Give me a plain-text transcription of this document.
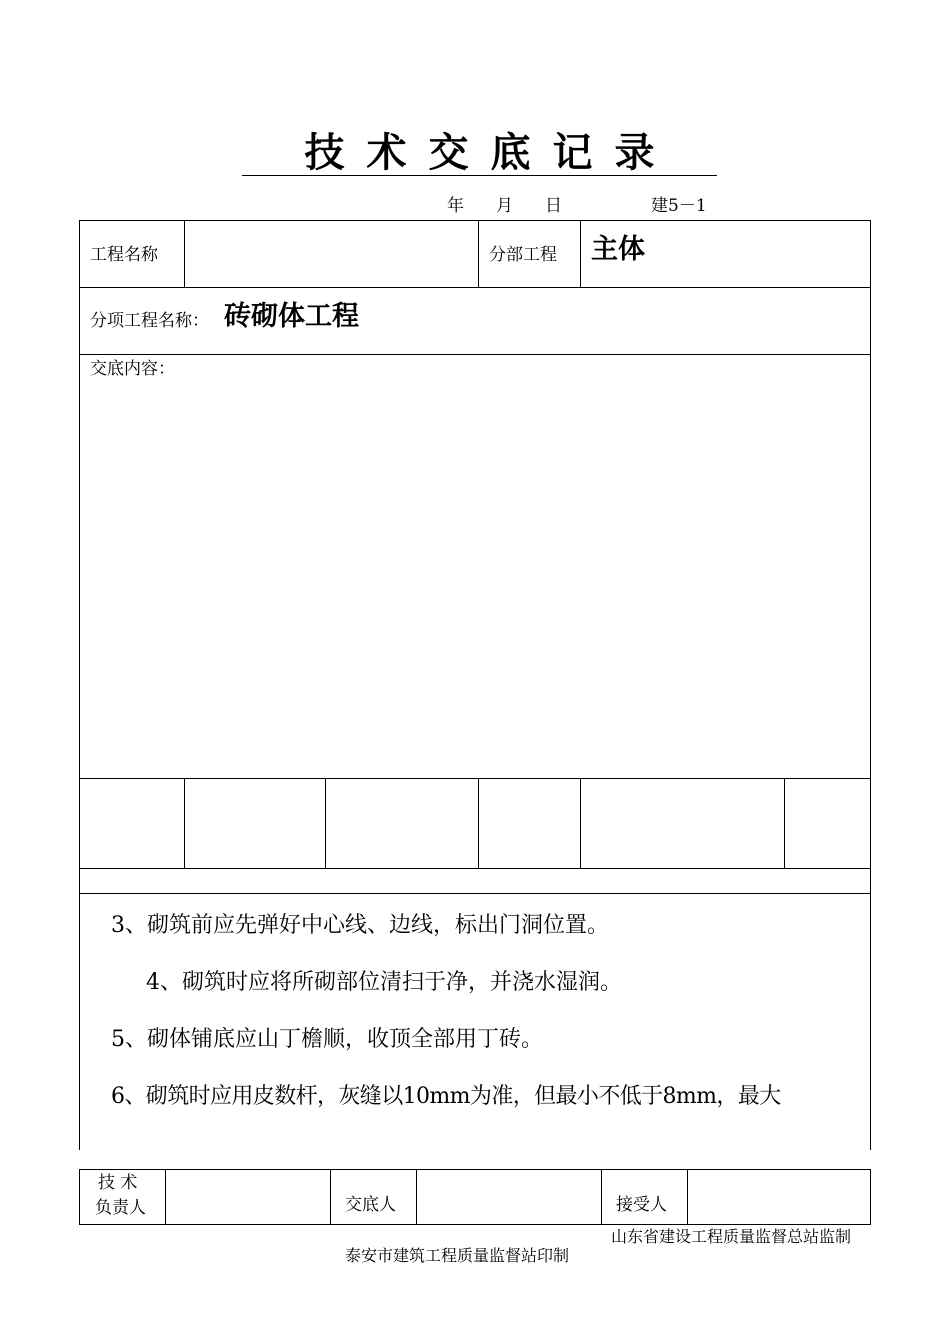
技术交底记录
年 月 日	建5－1
工程名称	分部工程 主体
分项工程名称： 砖砌体工程
交底内容：
3、砌筑前应先弹好中心线、边线，标出门洞位置。
4、砌筑时应将所砌部位清扫于净，并浇水湿润。
5、砌体铺底应山丁檐顺，收顶全部用丁砖。
6、砌筑时应用皮数杆，灰缝以10mm为准，但最小不低于8mm，最大
技 术
负责人	交底人	接受人
山东省建设工程质量监督总站监制
泰安市建筑工程质量监督站印制
